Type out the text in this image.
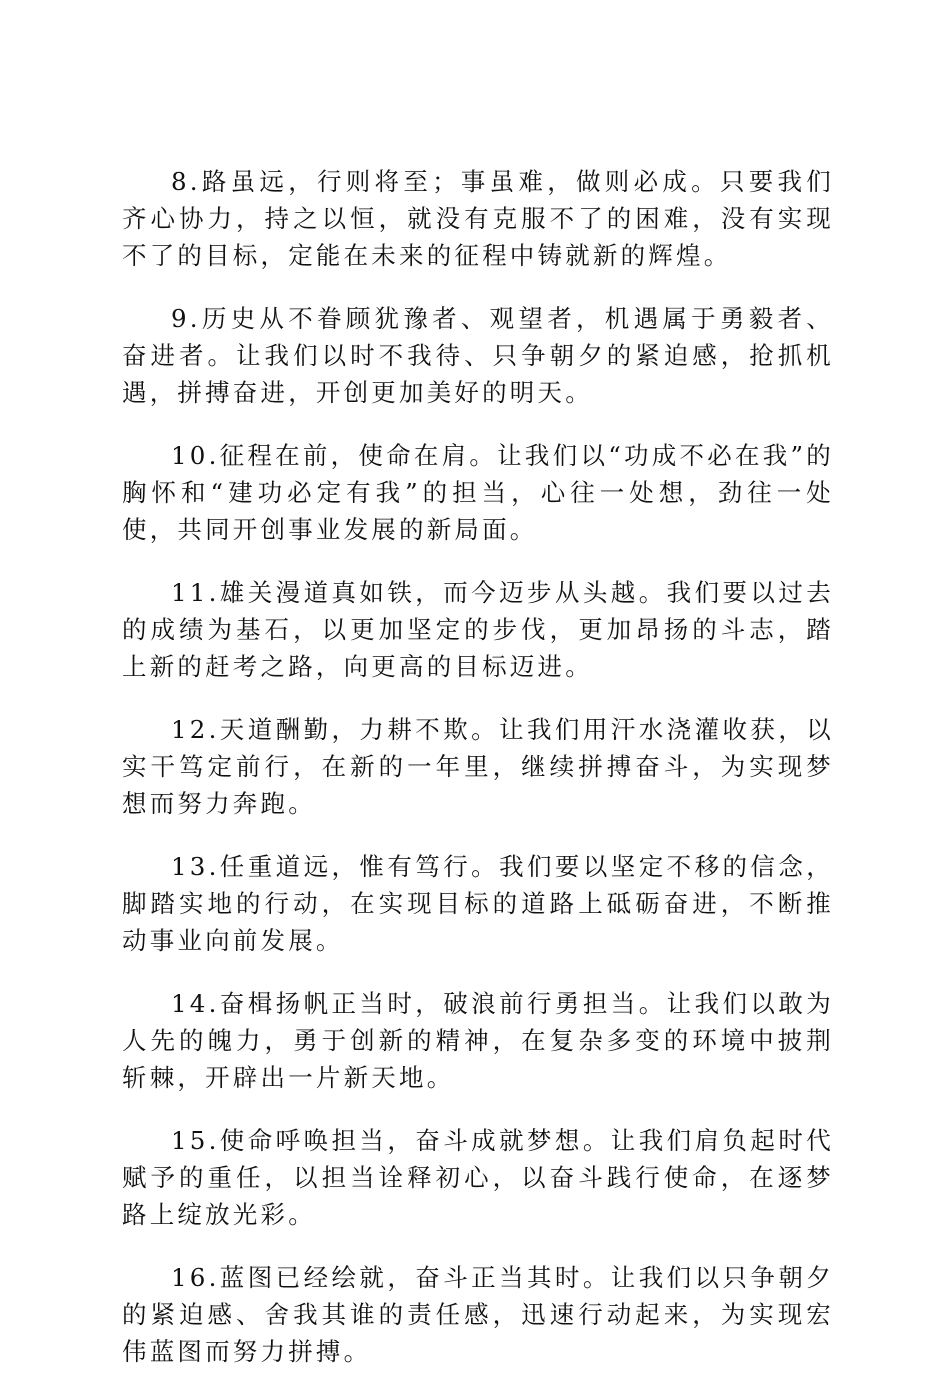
8.路虽远，行则将至；事虽难，做则必成。只要我们齐心协力，持之以恒，就没有克服不了的困难，没有实现不了的目标，定能在未来的征程中铸就新的辉煌。

9.历史从不眷顾犹豫者、观望者，机遇属于勇毅者、奋进者。让我们以时不我待、只争朝夕的紧迫感，抢抓机遇，拼搏奋进，开创更加美好的明天。

10.征程在前，使命在肩。让我们以“功成不必在我”的胸怀和“建功必定有我”的担当，心往一处想，劲往一处使，共同开创事业发展的新局面。

11.雄关漫道真如铁，而今迈步从头越。我们要以过去的成绩为基石，以更加坚定的步伐，更加昂扬的斗志，踏上新的赶考之路，向更高的目标迈进。

12.天道酬勤，力耕不欺。让我们用汗水浇灌收获，以实干笃定前行，在新的一年里，继续拼搏奋斗，为实现梦想而努力奔跑。

13.任重道远，惟有笃行。我们要以坚定不移的信念，脚踏实地的行动，在实现目标的道路上砥砺奋进，不断推动事业向前发展。

14.奋楫扬帆正当时，破浪前行勇担当。让我们以敢为人先的魄力，勇于创新的精神，在复杂多变的环境中披荆斩棘，开辟出一片新天地。

15.使命呼唤担当，奋斗成就梦想。让我们肩负起时代赋予的重任，以担当诠释初心，以奋斗践行使命，在逐梦路上绽放光彩。

16.蓝图已经绘就，奋斗正当其时。让我们以只争朝夕的紧迫感、舍我其谁的责任感，迅速行动起来，为实现宏伟蓝图而努力拼搏。
